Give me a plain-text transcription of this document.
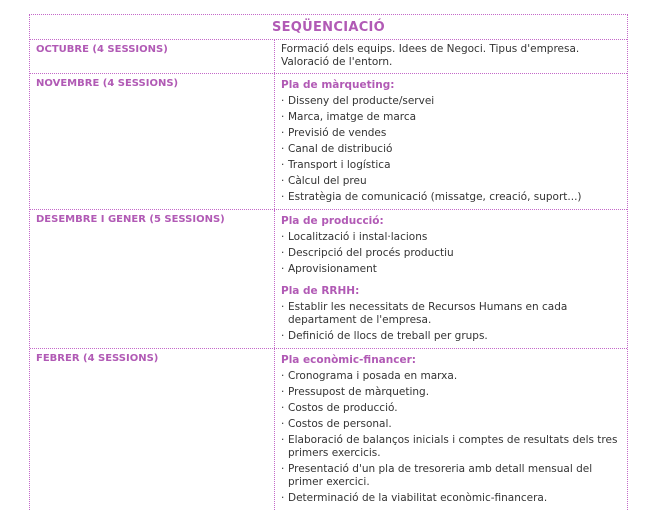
SEQÜENCIACIÓ
OCTUBRE (4 SESSIONS)	Formació dels equips. Idees de Negoci. Tipus d'empresa. Valoració de l'entorn.
NOVEMBRE (4 SESSIONS)	Pla de màrqueting:
· Disseny del producte/servei
· Marca, imatge de marca
· Previsió de vendes
· Canal de distribució
· Transport i logística
· Càlcul del preu
· Estratègia de comunicació (missatge, creació, suport...)
DESEMBRE I GENER (5 SESSIONS)	Pla de producció:
· Localització i instal·lacions
· Descripció del procés productiu
· Aprovisionament
Pla de RRHH:
· Establir les necessitats de Recursos Humans en cada departament de l'empresa.
· Definició de llocs de treball per grups.
FEBRER (4 SESSIONS)	Pla econòmic-financer:
· Cronograma i posada en marxa.
· Pressupost de màrqueting.
· Costos de producció.
· Costos de personal.
· Elaboració de balanços inicials i comptes de resultats dels tres primers exercicis.
· Presentació d'un pla de tresoreria amb detall mensual del primer exercici.
· Determinació de la viabilitat econòmic-financera.
